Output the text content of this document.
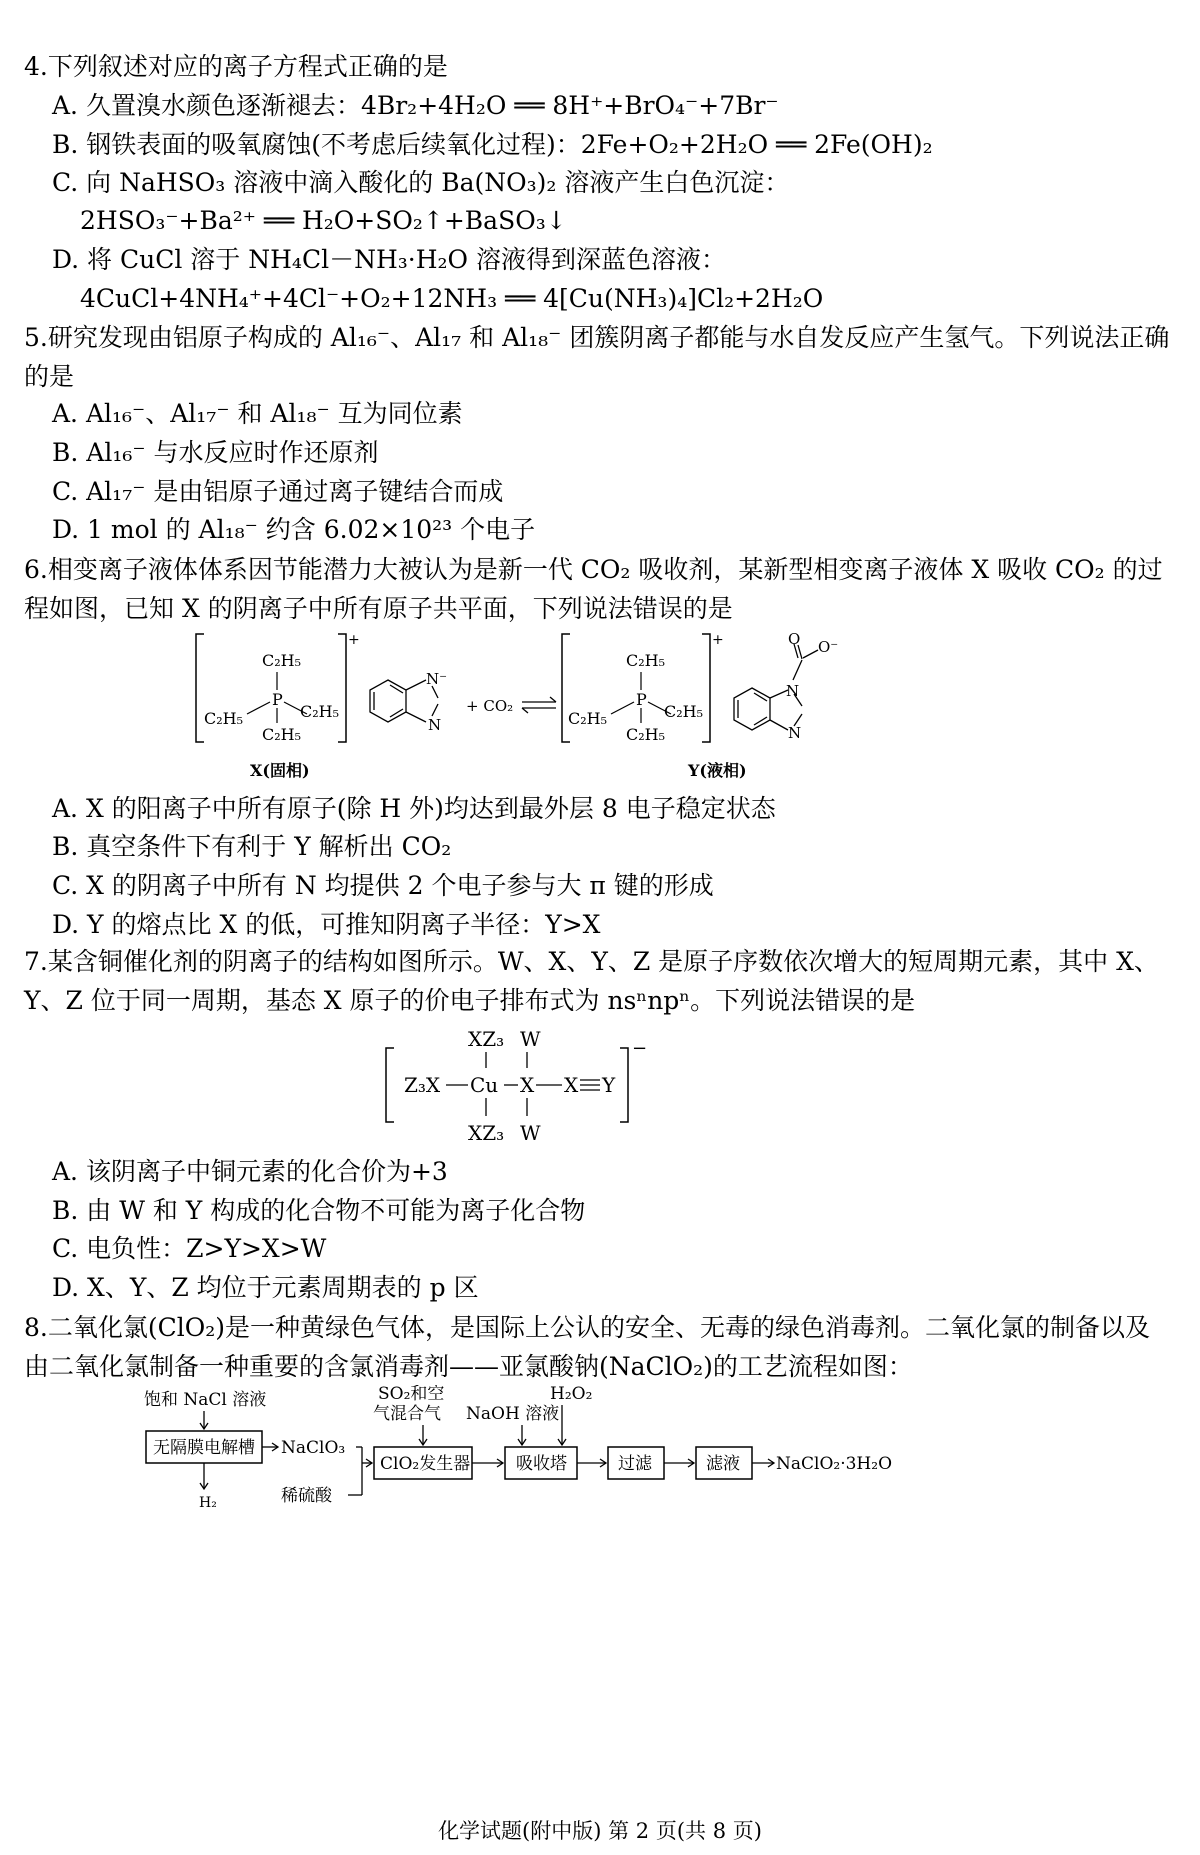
4.下列叙述对应的离子方程式正确的是
A. 久置溴水颜色逐渐褪去：4Br₂+4H₂O ══ 8H⁺+BrO₄⁻+7Br⁻
B. 钢铁表面的吸氧腐蚀(不考虑后续氧化过程)：2Fe+O₂+2H₂O ══ 2Fe(OH)₂
C. 向 NaHSO₃ 溶液中滴入酸化的 Ba(NO₃)₂ 溶液产生白色沉淀：
2HSO₃⁻+Ba²⁺ ══ H₂O+SO₂↑+BaSO₃↓
D. 将 CuCl 溶于 NH₄Cl－NH₃·H₂O 溶液得到深蓝色溶液：
4CuCl+4NH₄⁺+4Cl⁻+O₂+12NH₃ ══ 4[Cu(NH₃)₄]Cl₂+2H₂O
5.研究发现由铝原子构成的 Al₁₆⁻、Al₁₇ 和 Al₁₈⁻ 团簇阴离子都能与水自发反应产生氢气。下列说法正确的是
A. Al₁₆⁻、Al₁₇⁻ 和 Al₁₈⁻ 互为同位素
B. Al₁₆⁻ 与水反应时作还原剂
C. Al₁₇⁻ 是由铝原子通过离子键结合而成
D. 1 mol 的 Al₁₈⁻ 约含 6.02×10²³ 个电子
6.相变离子液体体系因节能潜力大被认为是新一代 CO₂ 吸收剂，某新型相变离子液体 X 吸收 CO₂ 的过程如图，已知 X 的阴离子中所有原子共平面，下列说法错误的是
+
C₂H₅
P
C₂H₅	C₂H₅
C₂H₅
N⁻
N
+ CO₂
+
C₂H₅
P
C₂H₅	C₂H₅
C₂H₅
O O⁻
N
N
X(固相)	Y(液相)
A. X 的阳离子中所有原子(除 H 外)均达到最外层 8 电子稳定状态
B. 真空条件下有利于 Y 解析出 CO₂
C. X 的阴离子中所有 N 均提供 2 个电子参与大 π 键的形成
D. Y 的熔点比 X 的低，可推知阴离子半径：Y>X
7.某含铜催化剂的阴离子的结构如图所示。W、X、Y、Z 是原子序数依次增大的短周期元素，其中 X、Y、Z 位于同一周期，基态 X 原子的价电子排布式为 nsⁿnpⁿ。下列说法错误的是
−
XZ₃ W
Z₃X Cu X X Y
XZ₃ W
A. 该阴离子中铜元素的化合价为+3
B. 由 W 和 Y 构成的化合物不可能为离子化合物
C. 电负性：Z>Y>X>W
D. X、Y、Z 均位于元素周期表的 p 区
8.二氧化氯(ClO₂)是一种黄绿色气体，是国际上公认的安全、无毒的绿色消毒剂。二氧化氯的制备以及由二氧化氯制备一种重要的含氯消毒剂——亚氯酸钠(NaClO₂)的工艺流程如图：
饱和 NaCl 溶液	SO₂和空
气混合气 NaOH 溶液
H₂O₂
NaClO₃
稀硫酸
H₂
NaClO₂·3H₂O
无隔膜电解槽
ClO₂发生器	吸收塔	过滤	滤液
化学试题(附中版) 第 2 页(共 8 页)
